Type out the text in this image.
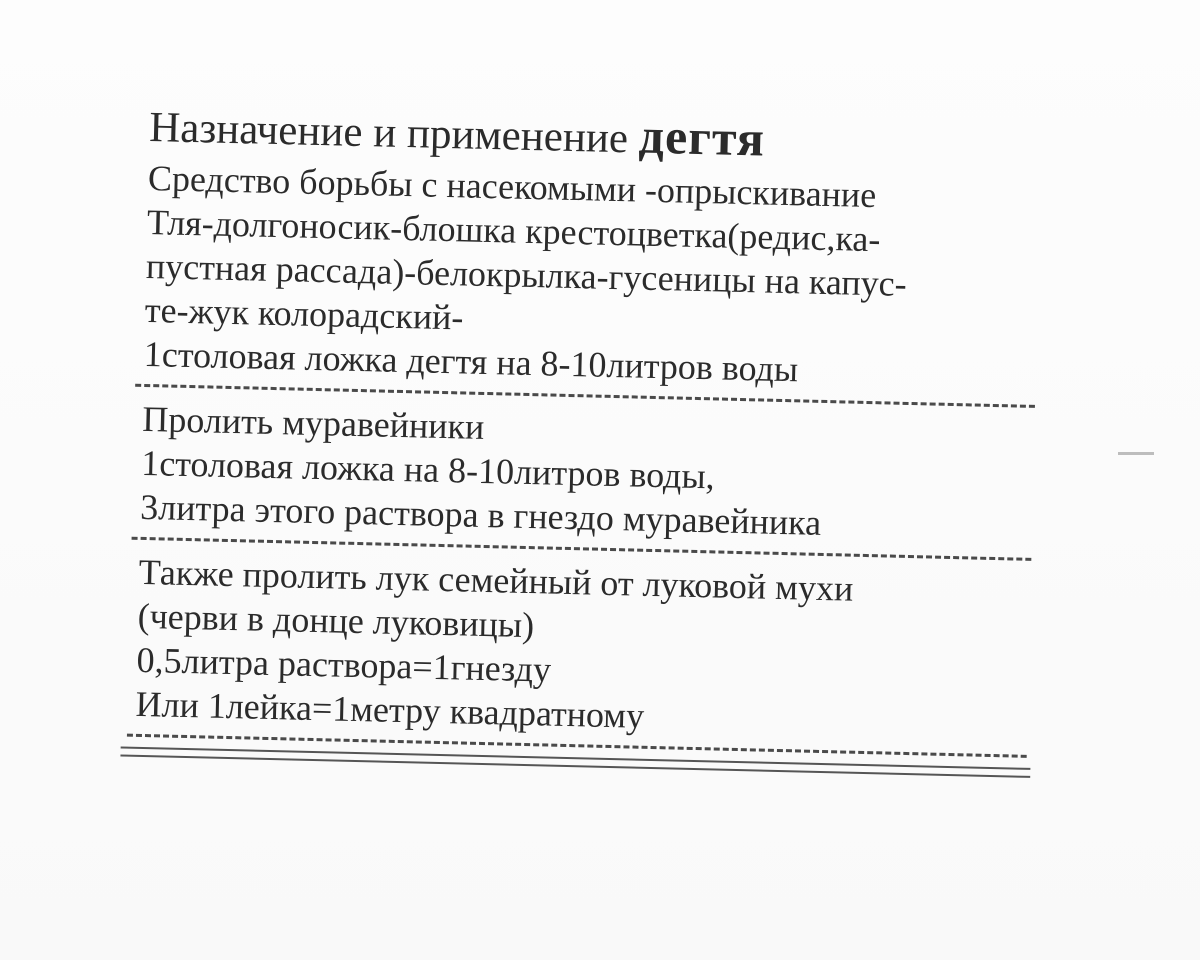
Назначение и применение дегтя
Средство борьбы с насекомыми -опрыскивание
Тля-долгоносик-блошка крестоцветка(редис,ка-
пустная рассада)-белокрылка-гусеницы на капус-
те-жук колорадский-
1столовая ложка дегтя на 8-10литров воды
Пролить муравейники
1столовая ложка на 8-10литров воды,
3литра этого раствора в гнездо муравейника
Также пролить лук семейный от луковой мухи
(черви в донце луковицы)
0,5литра раствора=1гнезду
Или 1лейка=1метру квадратному
